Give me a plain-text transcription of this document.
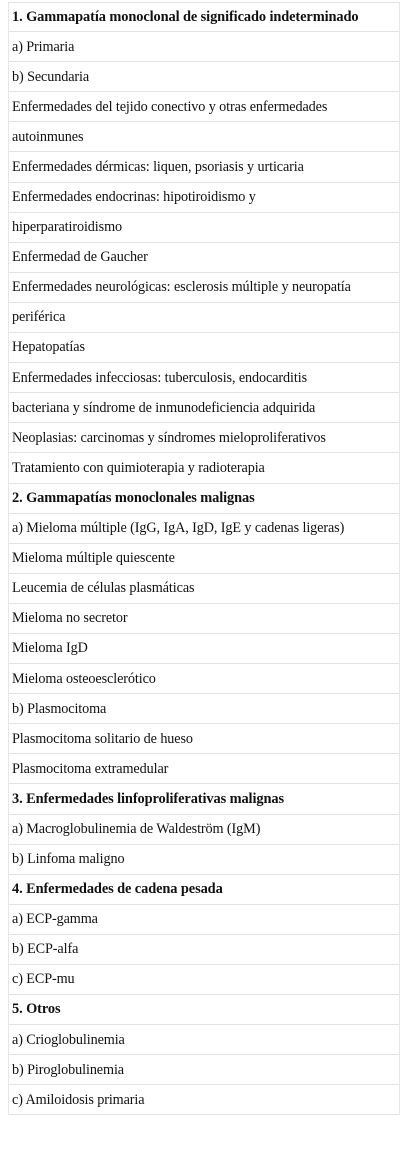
1. Gammapatía monoclonal de significado indeterminado
a) Primaria
b) Secundaria
Enfermedades del tejido conectivo y otras enfermedades
autoinmunes
Enfermedades dérmicas: liquen, psoriasis y urticaria
Enfermedades endocrinas: hipotiroidismo y
hiperparatiroidismo
Enfermedad de Gaucher
Enfermedades neurológicas: esclerosis múltiple y neuropatía
periférica
Hepatopatías
Enfermedades infecciosas: tuberculosis, endocarditis
bacteriana y síndrome de inmunodeficiencia adquirida
Neoplasias: carcinomas y síndromes mieloproliferativos
Tratamiento con quimioterapia y radioterapia
2. Gammapatías monoclonales malignas
a) Mieloma múltiple (IgG, IgA, IgD, IgE y cadenas ligeras)
Mieloma múltiple quiescente
Leucemia de células plasmáticas
Mieloma no secretor
Mieloma IgD
Mieloma osteoesclerótico
b) Plasmocitoma
Plasmocitoma solitario de hueso
Plasmocitoma extramedular
3. Enfermedades linfoproliferativas malignas
a) Macroglobulinemia de Waldeström (IgM)
b) Linfoma maligno
4. Enfermedades de cadena pesada
a) ECP-gamma
b) ECP-alfa
c) ECP-mu
5. Otros
a) Crioglobulinemia
b) Piroglobulinemia
c) Amiloidosis primaria
